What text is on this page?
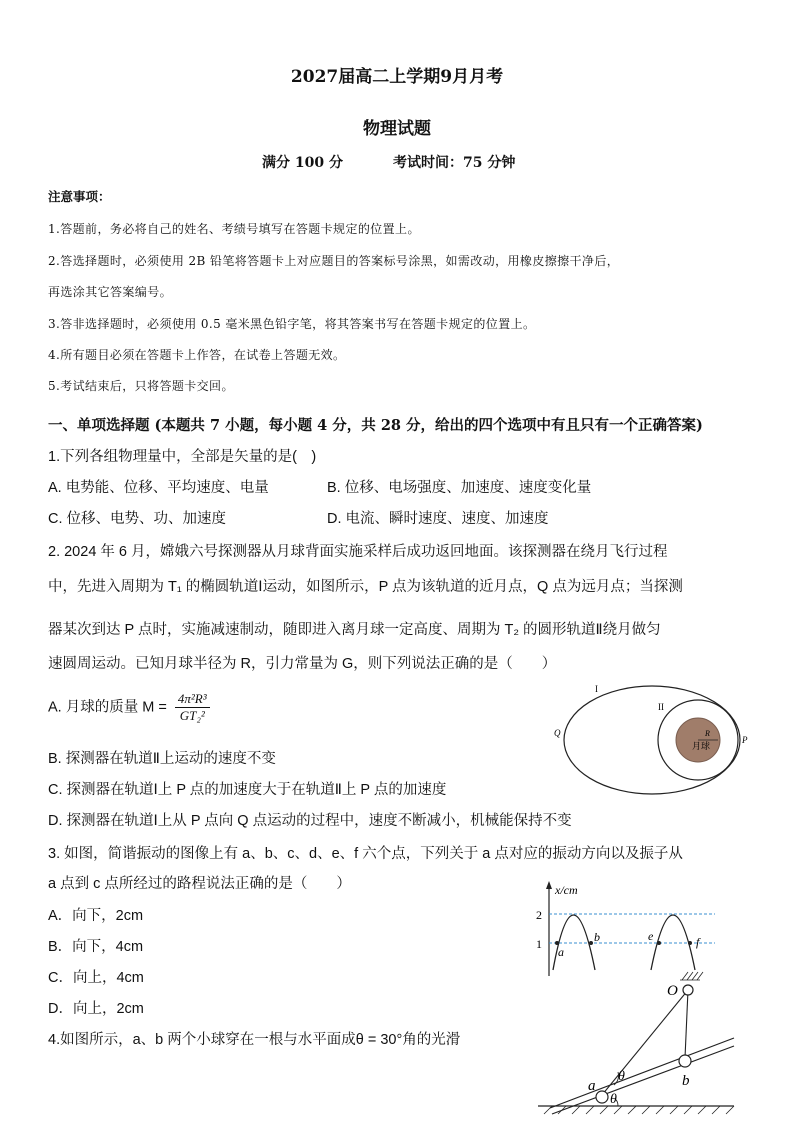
2027届高二上学期9月月考
物理试题
满分 100 分	考试时间：75 分钟
注意事项：
1.答题前，务必将自己的姓名、考绩号填写在答题卡规定的位置上。
2.答选择题时，必须使用 2B 铅笔将答题卡上对应题目的答案标号涂黑，如需改动，用橡皮擦擦干净后，
再选涂其它答案编号。
3.答非选择题时，必须使用 0.5 毫米黑色铅字笔，将其答案书写在答题卡规定的位置上。
4.所有题目必须在答题卡上作答，在试卷上答题无效。
5.考试结束后，只将答题卡交回。
一、单项选择题 (本题共 7 小题，每小题 4 分，共 28 分，给出的四个选项中有且只有一个正确答案)
1.下列各组物理量中，全部是矢量的是(　)
A. 电势能、位移、平均速度、电量	B. 位移、电场强度、加速度、速度变化量
C. 位移、电势、功、加速度	D. 电流、瞬时速度、速度、加速度
2. 2024 年 6 月，嫦娥六号探测器从月球背面实施采样后成功返回地面。该探测器在绕月飞行过程
中，先进入周期为 T₁ 的椭圆轨道Ⅰ运动，如图所示，P 点为该轨道的近月点，Q 点为远月点；当探测
器某次到达 P 点时，实施减速制动，随即进入离月球一定高度、周期为 T₂ 的圆形轨道Ⅱ绕月做匀
速圆周运动。已知月球半径为 R，引力常量为 G，则下列说法正确的是（　　）
A. 月球的质量 $M = \frac{\text{4π²R³}}{\text{GT₂²}}$
B. 探测器在轨道Ⅱ上运动的速度不变
C. 探测器在轨道Ⅰ上 P 点的加速度大于在轨道Ⅱ上 P 点的加速度
D. 探测器在轨道Ⅰ上从 P 点向 Q 点运动的过程中，速度不断减小，机械能保持不变
I
II
Q
P
R
月球
3. 如图，简谐振动的图像上有 a、b、c、d、e、f 六个点，下列关于 a 点对应的振动方向以及振子从
a 点到 c 点所经过的路程说法正确的是（　　）
A．向下，2cm
B．向下，4cm
C．向上，4cm
D．向上，2cm
x/cm
2
1
a
b	e	f
4.如图所示，a、b 两个小球穿在一根与水平面成θ = 30°角的光滑
O
a	b
θ
θ
